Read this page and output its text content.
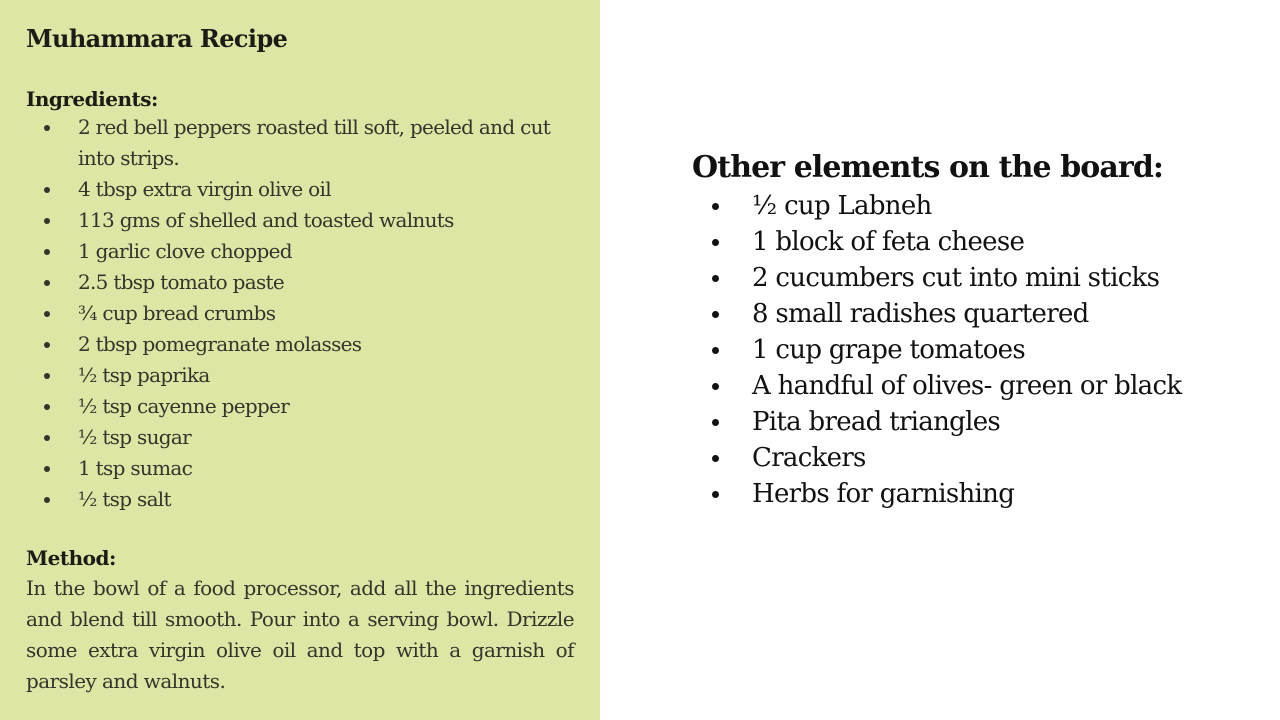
Muhammara Recipe
Ingredients:
2 red bell peppers roasted till soft, peeled and cut into strips.
4 tbsp extra virgin olive oil
113 gms of shelled and toasted walnuts
1 garlic clove chopped
2.5 tbsp tomato paste
¾ cup bread crumbs
2 tbsp pomegranate molasses
½ tsp paprika
½ tsp cayenne pepper
½ tsp sugar
1 tsp sumac
½ tsp salt
Method:

In the bowl of a food processor, add all the ingredients and blend till smooth. Pour into a serving bowl. Drizzle some extra virgin olive oil and top with a garnish of parsley and walnuts.

Other elements on the board:
½ cup Labneh
1 block of feta cheese
2 cucumbers cut into mini sticks
8 small radishes quartered
1 cup grape tomatoes
A handful of olives- green or black
Pita bread triangles
Crackers
Herbs for garnishing
